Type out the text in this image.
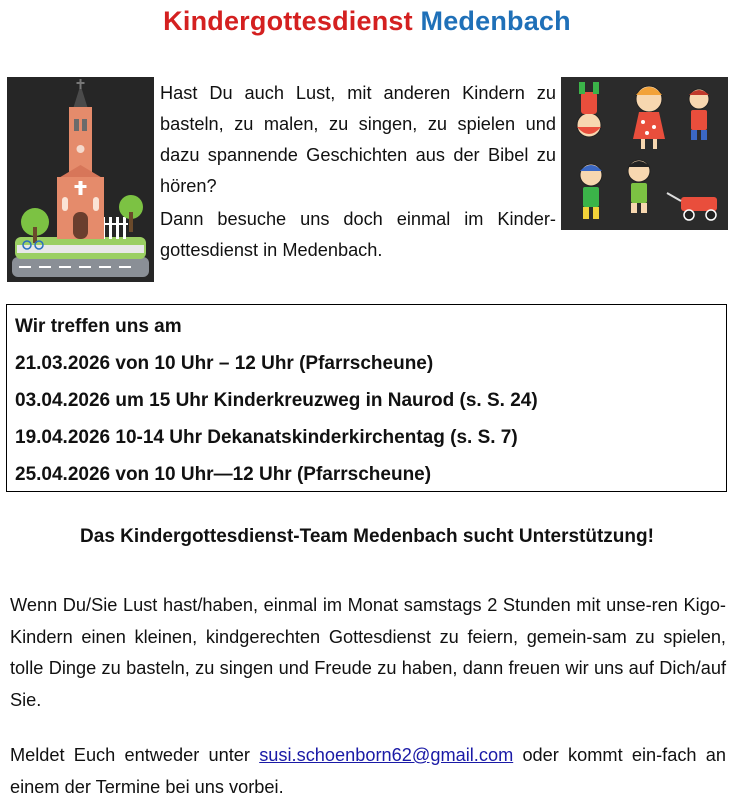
Kindergottesdienst Medenbach

Hast Du auch Lust, mit anderen Kindern zu basteln, zu malen, zu singen, zu spielen und dazu spannende Geschichten aus der Bibel zu hören?

Dann besuche uns doch einmal im Kinder-gottesdienst in Medenbach.

Wir treffen uns am
21.03.2026 von 10 Uhr – 12 Uhr (Pfarrscheune)
03.04.2026 um 15 Uhr Kinderkreuzweg in Naurod (s. S. 24)
19.04.2026 10-14 Uhr Dekanatskinderkirchentag (s. S. 7)
25.04.2026 von 10 Uhr—12 Uhr (Pfarrscheune)
Das Kindergottesdienst-Team Medenbach sucht Unterstützung!

Wenn Du/Sie Lust hast/haben, einmal im Monat samstags 2 Stunden mit unse-ren Kigo-Kindern einen kleinen, kindgerechten Gottesdienst zu feiern, gemein-sam zu spielen, tolle Dinge zu basteln, zu singen und Freude zu haben, dann freuen wir uns auf Dich/auf Sie.

Meldet Euch entweder unter susi.schoenborn62@gmail.com oder kommt ein-fach an einem der Termine bei uns vorbei.
